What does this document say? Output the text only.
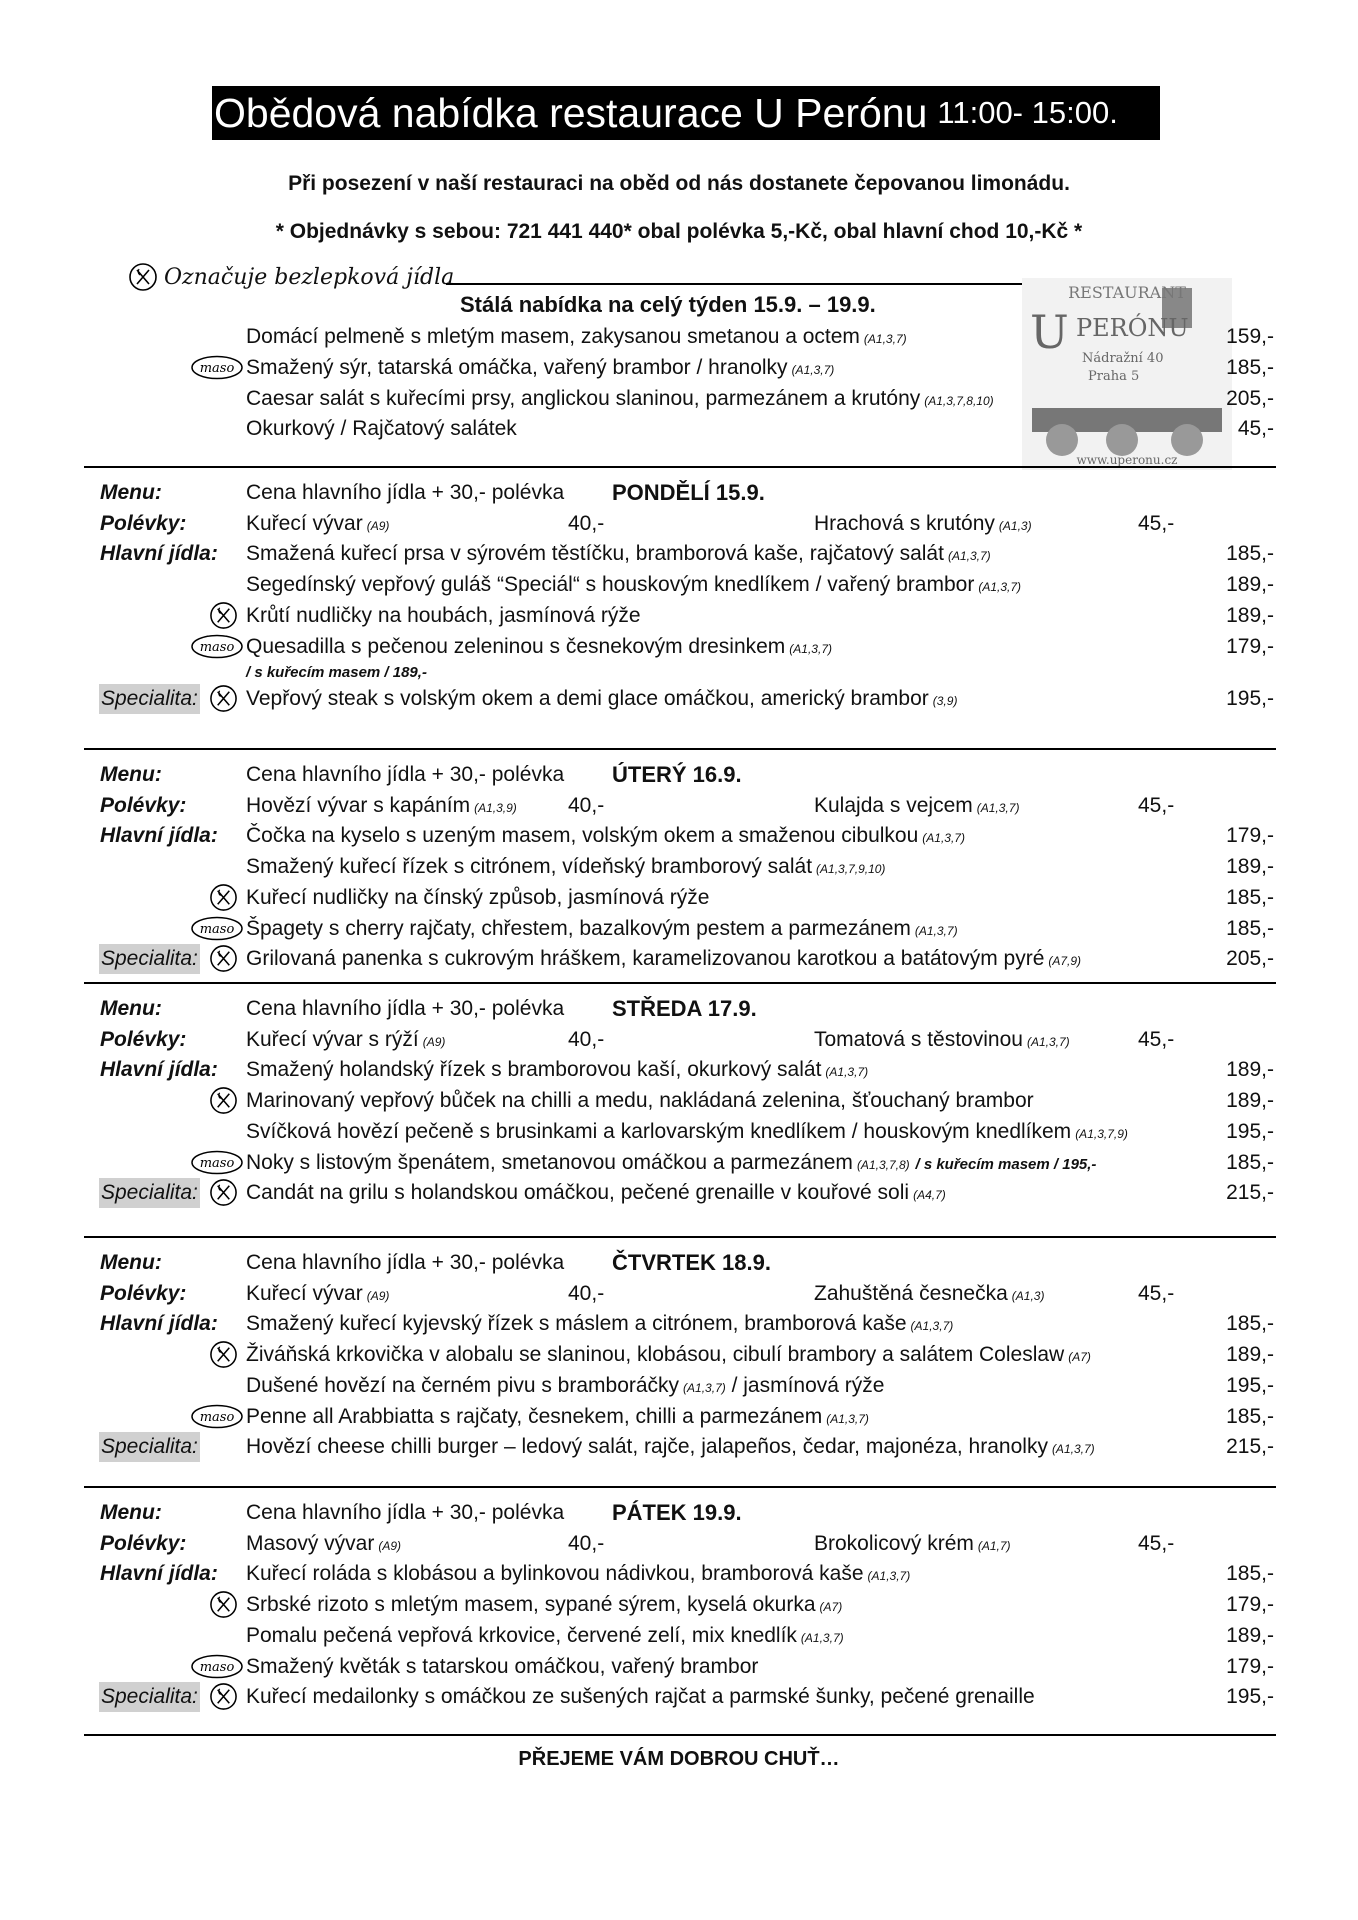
Obědová nabídka restaurace U Perónu 11:00- 15:00.
Při posezení v naší restauraci na oběd od nás dostanete čepovanou limonádu.
* Objednávky s sebou: 721 441 440* obal polévka 5,-Kč, obal hlavní chod 10,-Kč *
Označuje bezlepková jídla
RESTAURANT
U PERÓNU
Nádražní 40
Praha 5
www.uperonu.cz
Stálá nabídka na celý týden 15.9. – 19.9.
Domácí pelmeně s mletým masem, zakysanou smetanou a octem (A1,3,7)	159,-
maso Smažený sýr, tatarská omáčka, vařený brambor / hranolky (A1,3,7)	185,-
Caesar salát s kuřecími prsy, anglickou slaninou, parmezánem a krutóny (A1,3,7,8,10)	205,-
Okurkový / Rajčatový salátek	45,-
Menu:	Cena hlavního jídla + 30,- polévka PONDĚLÍ 15.9.
Polévky:	Kuřecí vývar (A9)	40,-	Hrachová s krutóny (A1,3)	45,-
Hlavní jídla: Smažená kuřecí prsa v sýrovém těstíčku, bramborová kaše, rajčatový salát (A1,3,7)	185,-
Segedínský vepřový guláš “Speciál“ s houskovým knedlíkem / vařený brambor (A1,3,7)	189,-
Krůtí nudličky na houbách, jasmínová rýže	189,-
maso Quesadilla s pečenou zeleninou s česnekovým dresinkem (A1,3,7)	179,-
/ s kuřecím masem / 189,-
Specialita: Vepřový steak s volským okem a demi glace omáčkou, americký brambor (3,9)	195,-
Menu:	Cena hlavního jídla + 30,- polévka ÚTERÝ 16.9.
Polévky:	Hovězí vývar s kapáním (A1,3,9) 40,-	Kulajda s vejcem (A1,3,7)	45,-
Hlavní jídla: Čočka na kyselo s uzeným masem, volským okem a smaženou cibulkou (A1,3,7)	179,-
Smažený kuřecí řízek s citrónem, vídeňský bramborový salát (A1,3,7,9,10)	189,-
Kuřecí nudličky na čínský způsob, jasmínová rýže	185,-
maso Špagety s cherry rajčaty, chřestem, bazalkovým pestem a parmezánem (A1,3,7)	185,-
Specialita: Grilovaná panenka s cukrovým hráškem, karamelizovanou karotkou a batátovým pyré (A7,9)	205,-
Menu:	Cena hlavního jídla + 30,- polévka STŘEDA 17.9.
Polévky:	Kuřecí vývar s rýží (A9)	40,-	Tomatová s těstovinou (A1,3,7)	45,-
Hlavní jídla: Smažený holandský řízek s bramborovou kaší, okurkový salát (A1,3,7)	189,-
Marinovaný vepřový bůček na chilli a medu, nakládaná zelenina, šťouchaný brambor	189,-
Svíčková hovězí pečeně s brusinkami a karlovarským knedlíkem / houskovým knedlíkem (A1,3,7,9)	195,-
maso Noky s listovým špenátem, smetanovou omáčkou a parmezánem (A1,3,7,8) / s kuřecím masem / 195,-	185,-
Specialita: Candát na grilu s holandskou omáčkou, pečené grenaille v kouřové soli (A4,7)	215,-
Menu:	Cena hlavního jídla + 30,- polévka ČTVRTEK 18.9.
Polévky:	Kuřecí vývar (A9)	40,-	Zahuštěná česnečka (A1,3)	45,-
Hlavní jídla: Smažený kuřecí kyjevský řízek s máslem a citrónem, bramborová kaše (A1,3,7)	185,-
Živáňská krkovička v alobalu se slaninou, klobásou, cibulí brambory a salátem Coleslaw (A7)	189,-
Dušené hovězí na černém pivu s bramboráčky (A1,3,7) / jasmínová rýže	195,-
maso Penne all Arabbiatta s rajčaty, česnekem, chilli a parmezánem (A1,3,7)	185,-
Specialita: Hovězí cheese chilli burger – ledový salát, rajče, jalapeños, čedar, majonéza, hranolky (A1,3,7)	215,-
Menu:	Cena hlavního jídla + 30,- polévka PÁTEK 19.9.
Polévky:	Masový vývar (A9)	40,-	Brokolicový krém (A1,7)	45,-
Hlavní jídla: Kuřecí roláda s klobásou a bylinkovou nádivkou, bramborová kaše (A1,3,7)	185,-
Srbské rizoto s mletým masem, sypané sýrem, kyselá okurka (A7)	179,-
Pomalu pečená vepřová krkovice, červené zelí, mix knedlík (A1,3,7)	189,-
maso Smažený květák s tatarskou omáčkou, vařený brambor	179,-
Specialita: Kuřecí medailonky s omáčkou ze sušených rajčat a parmské šunky, pečené grenaille	195,-
PŘEJEME VÁM DOBROU CHUŤ…
